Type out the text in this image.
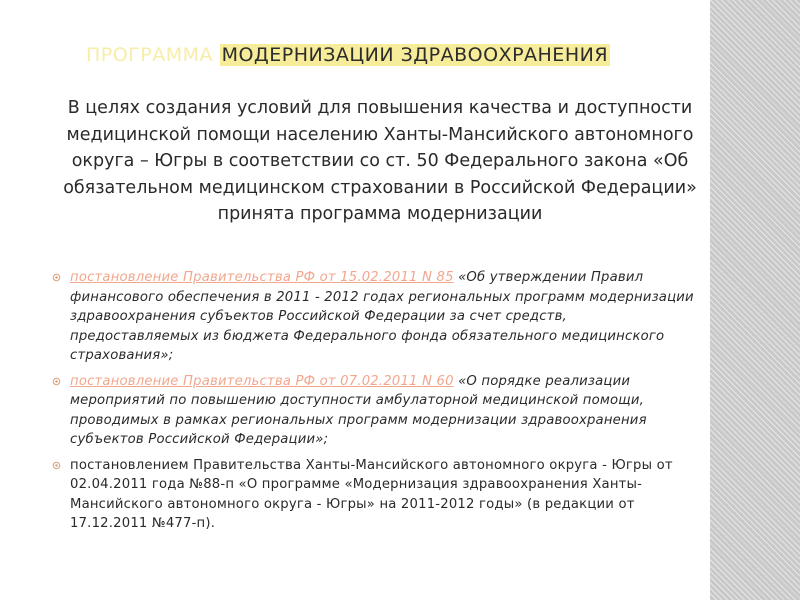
ПРОГРАММА МОДЕРНИЗАЦИИ ЗДРАВООХРАНЕНИЯ

В целях создания условий для повышения качества и доступности медицинской помощи населению Ханты-Мансийского автономного округа – Югры в соответствии со ст. 50 Федерального закона «Об обязательном медицинском страховании в Российской Федерации» принята программа модернизации

постановление Правительства РФ от 15.02.2011 N 85 «Об утверждении Правил финансового обеспечения в 2011 - 2012 годах региональных программ модернизации здравоохранения субъектов Российской Федерации за счет средств, предоставляемых из бюджета Федерального фонда обязательного медицинского страхования»;
постановление Правительства РФ от 07.02.2011 N 60 «О порядке реализации мероприятий по повышению доступности амбулаторной медицинской помощи, проводимых в рамках региональных программ модернизации здравоохранения субъектов Российской Федерации»;
постановлением Правительства Ханты-Мансийского автономного округа - Югры от 02.04.2011 года №88-п «О программе «Модернизация здравоохранения Ханты-Мансийского автономного округа - Югры» на 2011-2012 годы» (в редакции от 17.12.2011 №477-п).
